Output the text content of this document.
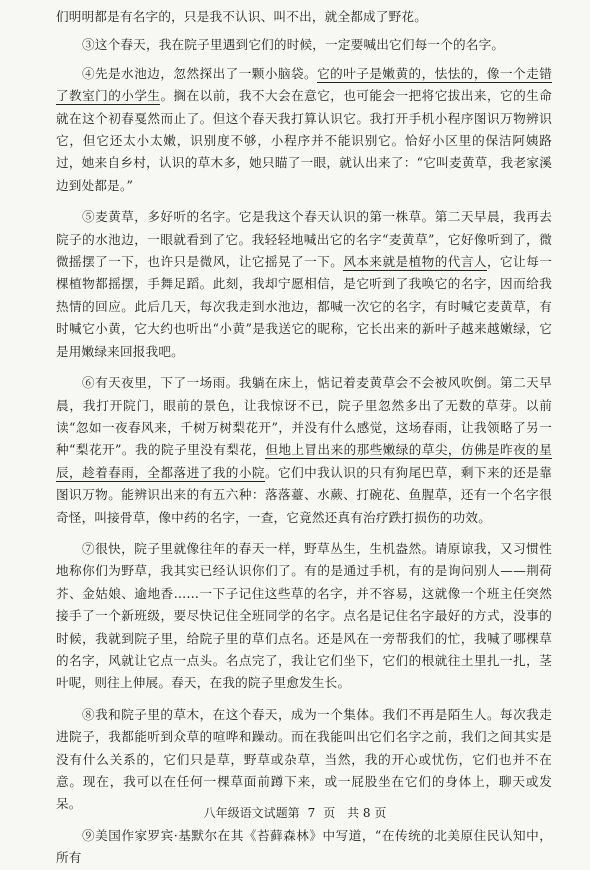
们明明都是有名字的，只是我不认识、叫不出，就全都成了野花。

③这个春天，我在院子里遇到它们的时候，一定要喊出它们每一个的名字。

④先是水池边，忽然探出了一颗小脑袋。它的叶子是嫩黄的，怯怯的，像一个走错了教室门的小学生。搁在以前，我不大会在意它，也可能会一把将它拔出来，它的生命就在这个初春戛然而止了。但这个春天我打算认识它。我打开手机小程序图识万物辨识它，但它还太小太嫩，识别度不够，小程序并不能识别它。恰好小区里的保洁阿姨路过，她来自乡村，认识的草木多，她只瞄了一眼，就认出来了：“它叫麦黄草，我老家溪边到处都是。”

⑤麦黄草，多好听的名字。它是我这个春天认识的第一株草。第二天早晨，我再去院子的水池边，一眼就看到了它。我轻轻地喊出它的名字“麦黄草”，它好像听到了，微微摇摆了一下，也许只是微风，让它摇晃了一下。风本来就是植物的代言人，它让每一棵植物都摇摆，手舞足蹈。此刻，我却宁愿相信，是它听到了我唤它的名字，因而给我热情的回应。此后几天，每次我走到水池边，都喊一次它的名字，有时喊它麦黄草，有时喊它小黄，它大约也听出“小黄”是我送它的昵称，它长出来的新叶子越来越嫩绿，它是用嫩绿来回报我吧。

⑥有天夜里，下了一场雨。我躺在床上，惦记着麦黄草会不会被风吹倒。第二天早晨，我打开院门，眼前的景色，让我惊讶不已，院子里忽然多出了无数的草芽。以前读“忽如一夜春风来，千树万树梨花开”，并没有什么感觉，这场春雨，让我领略了另一种“梨花开”。我的院子里没有梨花，但地上冒出来的那些嫩绿的草尖，仿佛是昨夜的星辰，趁着春雨，全都落进了我的小院。它们中我认识的只有狗尾巴草，剩下来的还是靠图识万物。能辨识出来的有五六种：落落薹、水蕨、打碗花、鱼腥草，还有一个名字很奇怪，叫接骨草，像中药的名字，一查，它竟然还真有治疗跌打损伤的功效。

⑦很快，院子里就像往年的春天一样，野草丛生，生机盎然。请原谅我，又习惯性地称你们为野草，我其实已经认识你们了。有的是通过手机，有的是询问别人——荆荷芥、金姑娘、逾地香……一下子记住这些草的名字，并不容易，这就像一个班主任突然接手了一个新班级，要尽快记住全班同学的名字。点名是记住名字最好的方式，没事的时候，我就到院子里，给院子里的草们点名。还是风在一旁帮我们的忙，我喊了哪棵草的名字，风就让它点一点头。名点完了，我让它们坐下，它们的根就往土里扎一扎，茎叶呢，则往上伸展。春天，在我的院子里愈发生长。

⑧我和院子里的草木，在这个春天，成为一个集体。我们不再是陌生人。每次我走进院子，我都能听到众草的喧哗和躁动。而在我能叫出它们名字之前，我们之间其实是没有什么关系的，它们只是草，野草或杂草，当然，我的开心或忧伤，它们也并不在意。现在，我可以在任何一棵草面前蹲下来，或一屁股坐在它们的身体上，聊天或发呆。

⑨美国作家罗宾·基默尔在其《苔藓森林》中写道，“在传统的北美原住民认知中，所有

八年级语文试题第 7 页 共 8 页
